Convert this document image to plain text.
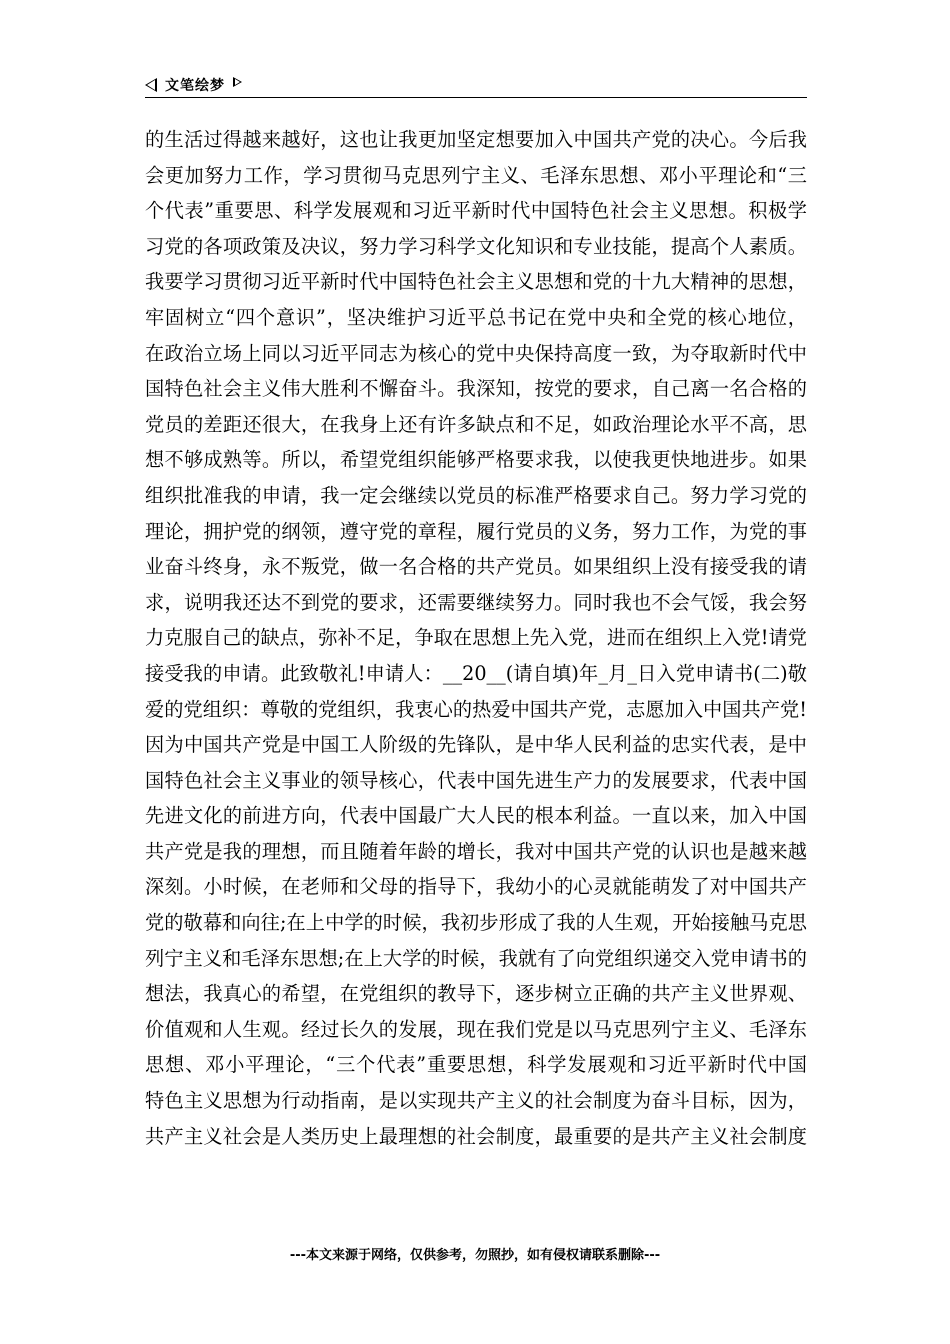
文笔绘梦
的生活过得越来越好，这也让我更加坚定想要加入中国共产党的决心。今后我
会更加努力工作，学习贯彻马克思列宁主义、毛泽东思想、邓小平理论和“三
个代表”重要思、科学发展观和习近平新时代中国特色社会主义思想。积极学
习党的各项政策及决议，努力学习科学文化知识和专业技能，提高个人素质。
我要学习贯彻习近平新时代中国特色社会主义思想和党的十九大精神的思想，
牢固树立“四个意识”，坚决维护习近平总书记在党中央和全党的核心地位，
在政治立场上同以习近平同志为核心的党中央保持高度一致，为夺取新时代中
国特色社会主义伟大胜利不懈奋斗。我深知，按党的要求，自己离一名合格的
党员的差距还很大，在我身上还有许多缺点和不足，如政治理论水平不高，思
想不够成熟等。所以，希望党组织能够严格要求我，以使我更快地进步。如果
组织批准我的申请，我一定会继续以党员的标准严格要求自己。努力学习党的
理论，拥护党的纲领，遵守党的章程，履行党员的义务，努力工作，为党的事
业奋斗终身，永不叛党，做一名合格的共产党员。如果组织上没有接受我的请
求，说明我还达不到党的要求，还需要继续努力。同时我也不会气馁，我会努
力克服自己的缺点，弥补不足，争取在思想上先入党，进而在组织上入党!请党
接受我的申请。此致敬礼!申请人：__20__(请自填)年_月_日入党申请书(二)敬
爱的党组织：尊敬的党组织，我衷心的热爱中国共产党，志愿加入中国共产党!
因为中国共产党是中国工人阶级的先锋队，是中华人民利益的忠实代表，是中
国特色社会主义事业的领导核心，代表中国先进生产力的发展要求，代表中国
先进文化的前进方向，代表中国最广大人民的根本利益。一直以来，加入中国
共产党是我的理想，而且随着年龄的增长，我对中国共产党的认识也是越来越
深刻。小时候，在老师和父母的指导下，我幼小的心灵就能萌发了对中国共产
党的敬幕和向往;在上中学的时候，我初步形成了我的人生观，开始接触马克思
列宁主义和毛泽东思想;在上大学的时候，我就有了向党组织递交入党申请书的
想法，我真心的希望，在党组织的教导下，逐步树立正确的共产主义世界观、
价值观和人生观。经过长久的发展，现在我们党是以马克思列宁主义、毛泽东
思想、邓小平理论，“三个代表”重要思想，科学发展观和习近平新时代中国
特色主义思想为行动指南，是以实现共产主义的社会制度为奋斗目标，因为，
共产主义社会是人类历史上最理想的社会制度，最重要的是共产主义社会制度
---本文来源于网络，仅供参考，勿照抄，如有侵权请联系删除---
